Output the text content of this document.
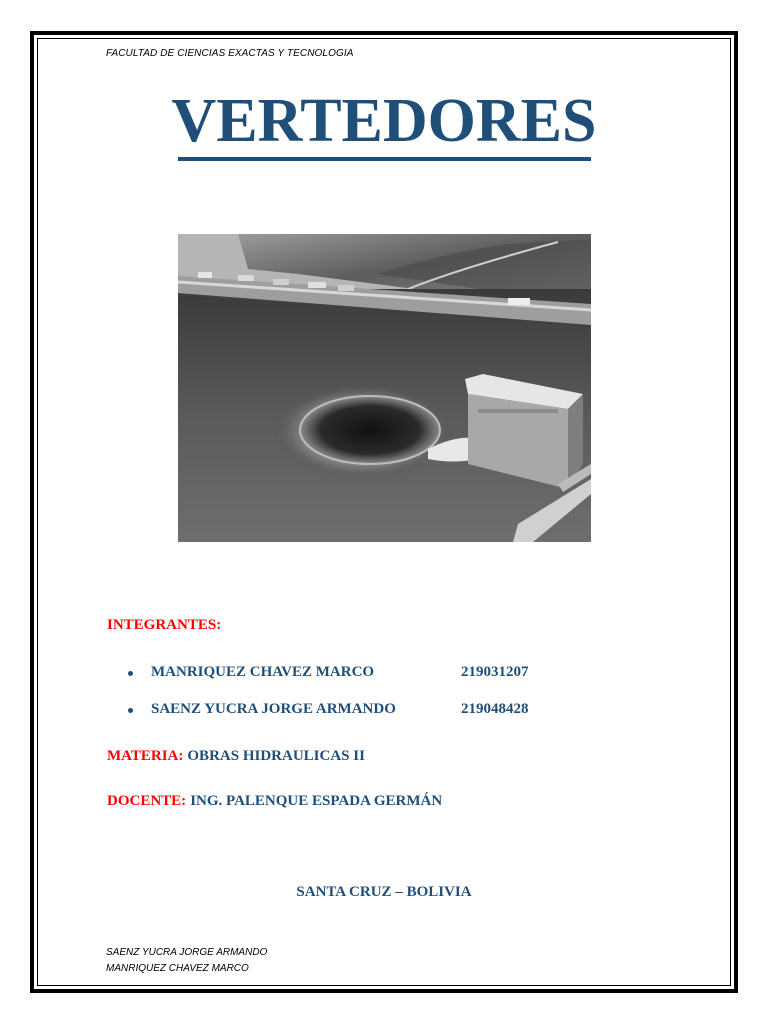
FACULTAD DE CIENCIAS EXACTAS Y TECNOLOGIA
VERTEDORES
INTEGRANTES:
MANRIQUEZ CHAVEZ MARCO	219031207
SAENZ YUCRA JORGE ARMANDO	219048428
MATERIA: OBRAS HIDRAULICAS II
DOCENTE: ING. PALENQUE ESPADA GERMÁN
SANTA CRUZ – BOLIVIA
SAENZ YUCRA JORGE ARMANDO
MANRIQUEZ CHAVEZ MARCO
